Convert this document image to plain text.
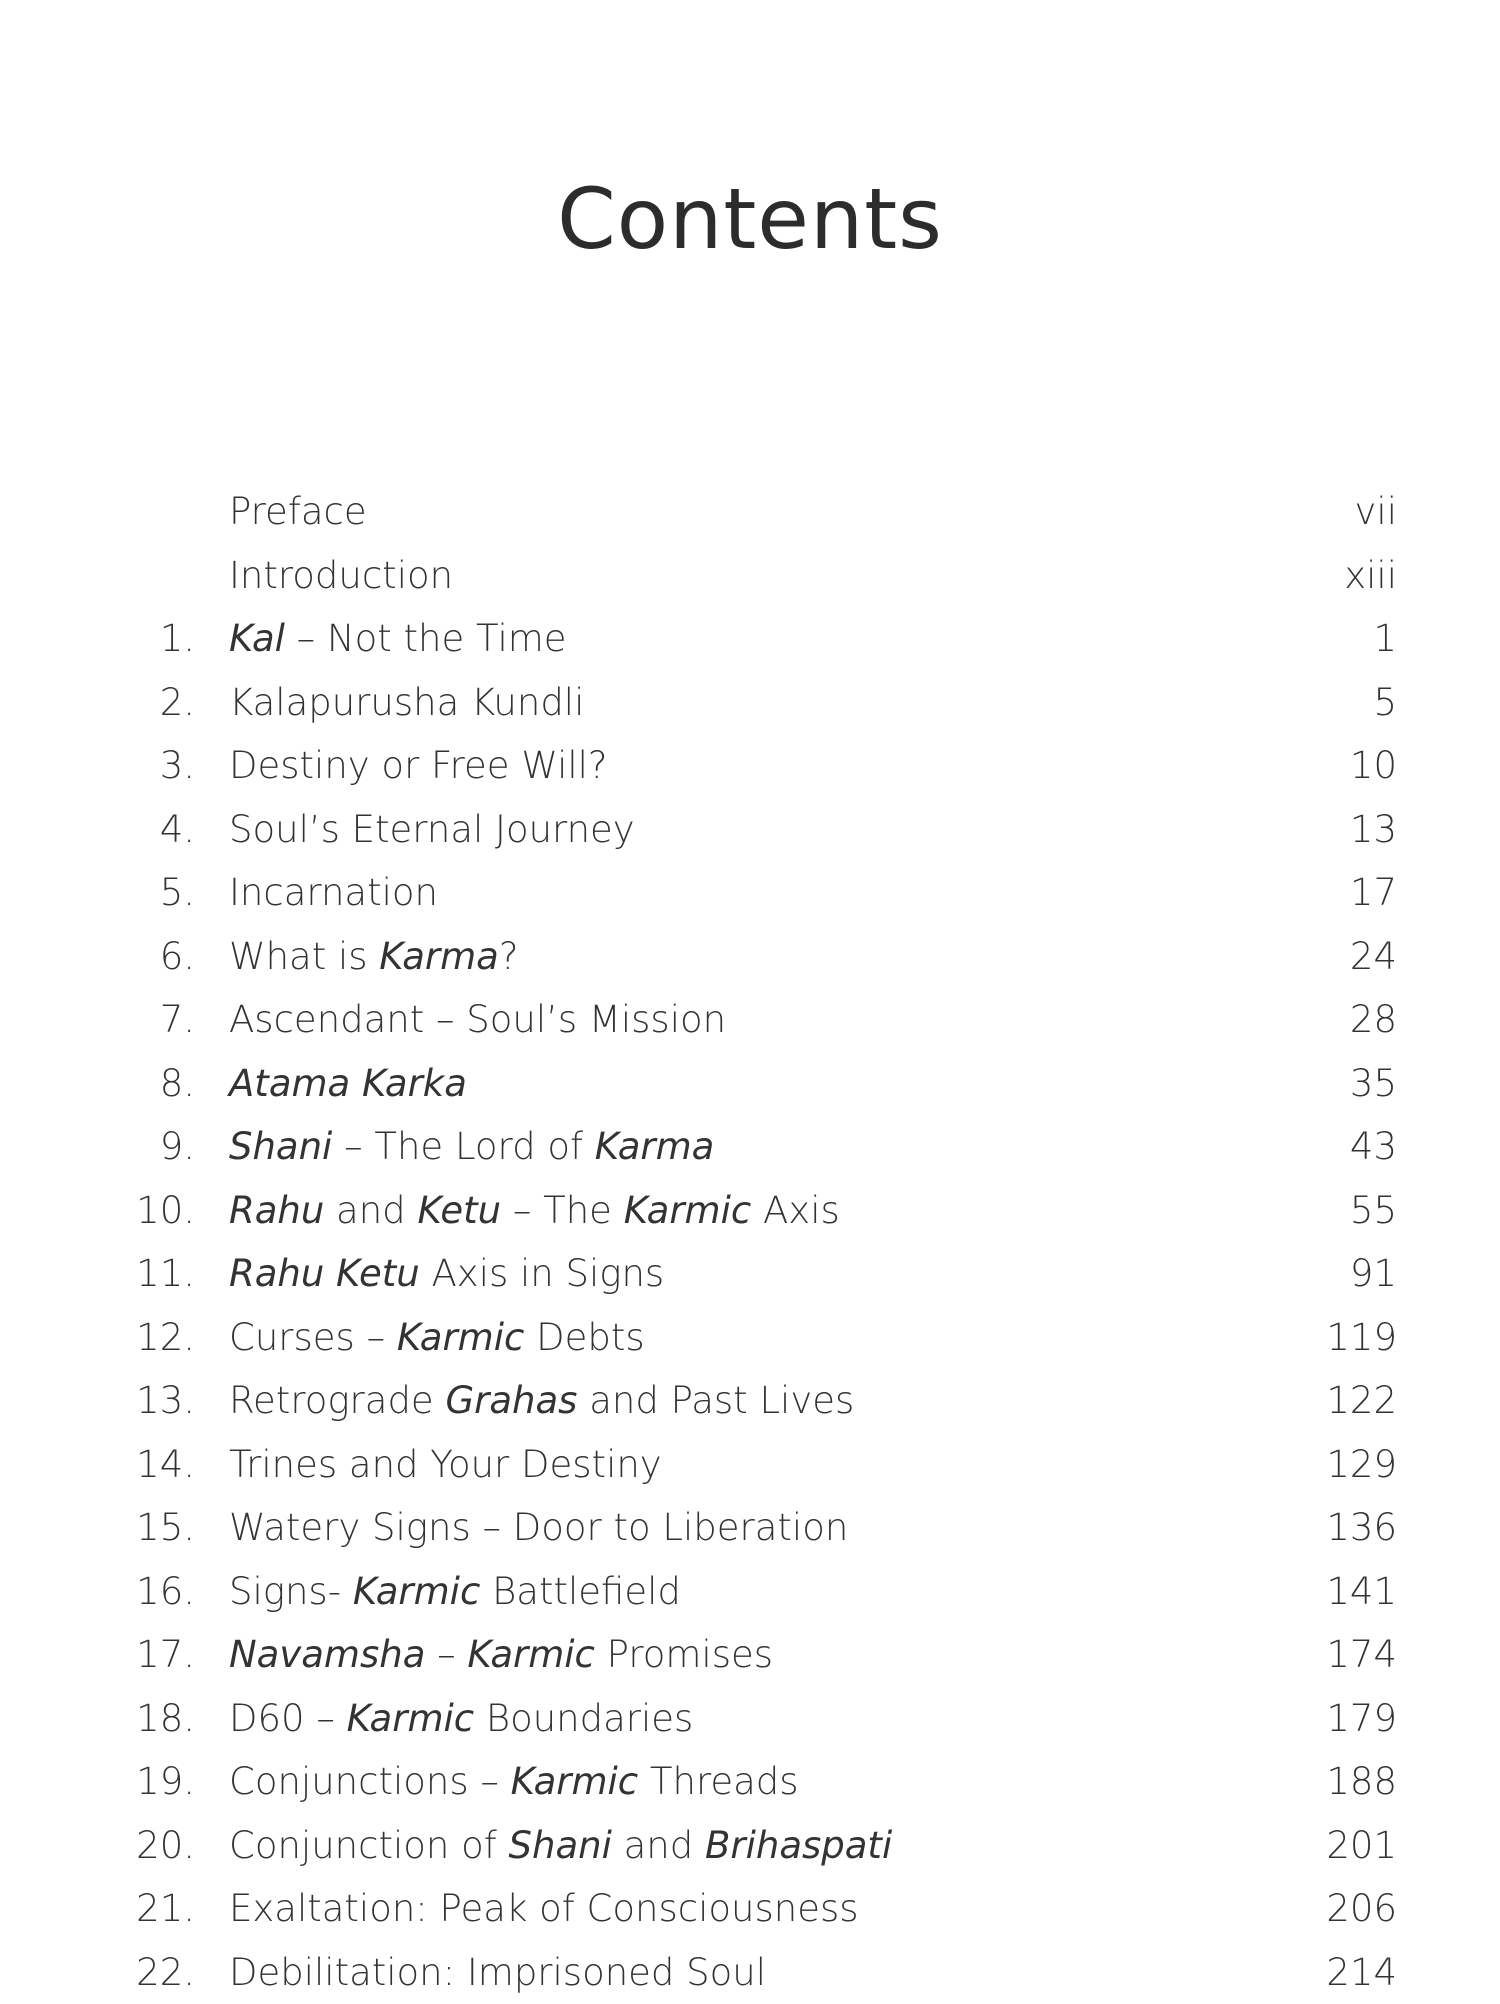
Contents
Preface	vii
Introduction	xiii
1. Kal – Not the Time	1
2. Kalapurusha Kundli	5
3. Destiny or Free Will?	10
4. Soul’s Eternal Journey	13
5. Incarnation	17
6. What is Karma?	24
7. Ascendant – Soul’s Mission	28
8. Atama Karka	35
9. Shani – The Lord of Karma	43
10. Rahu and Ketu – The Karmic Axis	55
11. Rahu Ketu Axis in Signs	91
12. Curses – Karmic Debts	119
13. Retrograde Grahas and Past Lives	122
14. Trines and Your Destiny	129
15. Watery Signs – Door to Liberation	136
16. Signs- Karmic Battlefield	141
17. Navamsha – Karmic Promises	174
18. D60 – Karmic Boundaries	179
19. Conjunctions – Karmic Threads	188
20. Conjunction of Shani and Brihaspati	201
21. Exaltation: Peak of Consciousness	206
22. Debilitation: Imprisoned Soul	214
